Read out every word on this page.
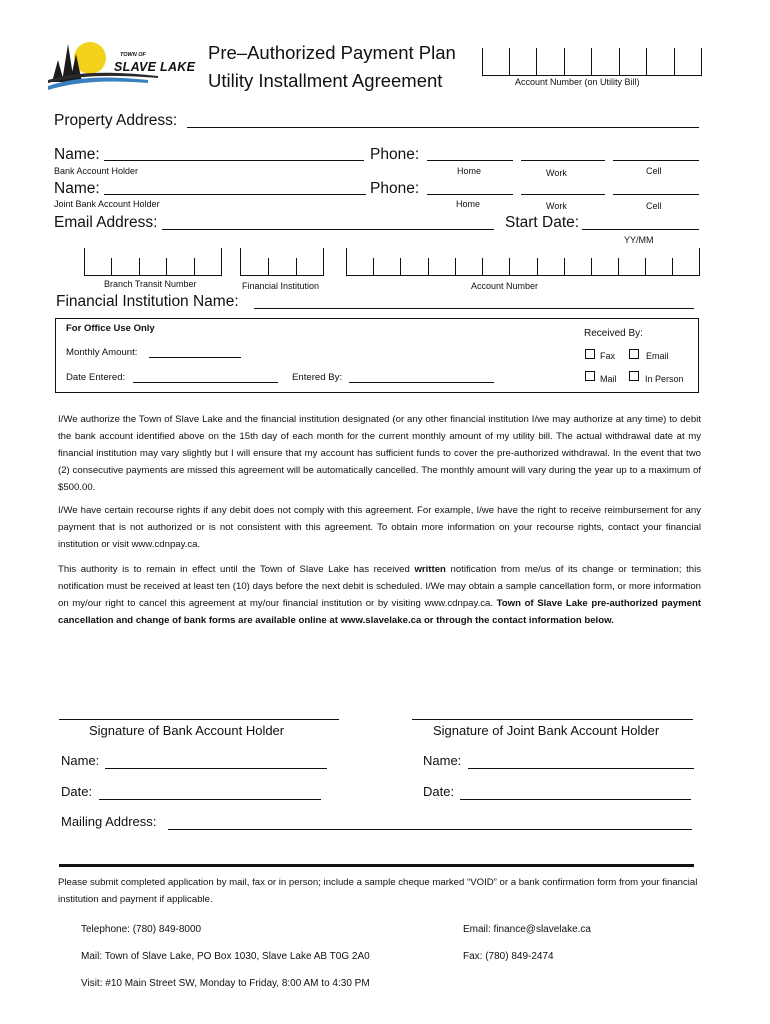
TOWN OF
SLAVE LAKE
Pre–Authorized Payment Plan
Utility Installment Agreement	Account Number (on Utility Bill)
Property Address:
Name:	Phone:
Bank Account Holder	Home	Work	Cell
Name:	Phone:
Joint Bank Account Holder	Home	Work	Cell
Email Address:	Start Date:
YY/MM
Branch Transit Number	Financial Institution	Account Number
Financial Institution Name:
For Office Use Only	Received By:
Monthly Amount:	Fax	Email
Date Entered:	Entered By:	Mail	In Person
I/We authorize the Town of Slave Lake and the financial institution designated (or any other financial institution I/we may authorize at any time) to debit the bank account identified above on the 15th day of each month for the current monthly amount of my utility bill. The actual withdrawal date at my financial institution may vary slightly but I will ensure that my account has sufficient funds to cover the pre-authorized withdrawal. In the event that two (2) consecutive payments are missed this agreement will be automatically cancelled. The monthly amount will vary during the year up to a maximum of $500.00.
I/We have certain recourse rights if any debit does not comply with this agreement. For example, I/we have the right to receive reimbursement for any payment that is not authorized or is not consistent with this agreement. To obtain more information on your recourse rights, contact your financial institution or visit www.cdnpay.ca.
This authority is to remain in effect until the Town of Slave Lake has received written notification from me/us of its change or termination; this notification must be received at least ten (10) days before the next debit is scheduled. I/We may obtain a sample cancellation form, or more information on my/our right to cancel this agreement at my/our financial institution or by visiting www.cdnpay.ca. Town of Slave Lake pre-authorized payment cancellation and change of bank forms are available online at www.slavelake.ca or through the contact information below.
Signature of Bank Account Holder	Signature of Joint Bank Account Holder
Name:	Name:
Date:	Date:
Mailing Address:
Please submit completed application by mail, fax or in person; include a sample cheque marked “VOID” or a bank confirmation form from your financial institution and payment if applicable.
Telephone: (780) 849-8000	Email: finance@slavelake.ca
Mail: Town of Slave Lake, PO Box 1030, Slave Lake AB T0G 2A0	Fax: (780) 849-2474
Visit: #10 Main Street SW, Monday to Friday, 8:00 AM to 4:30 PM
